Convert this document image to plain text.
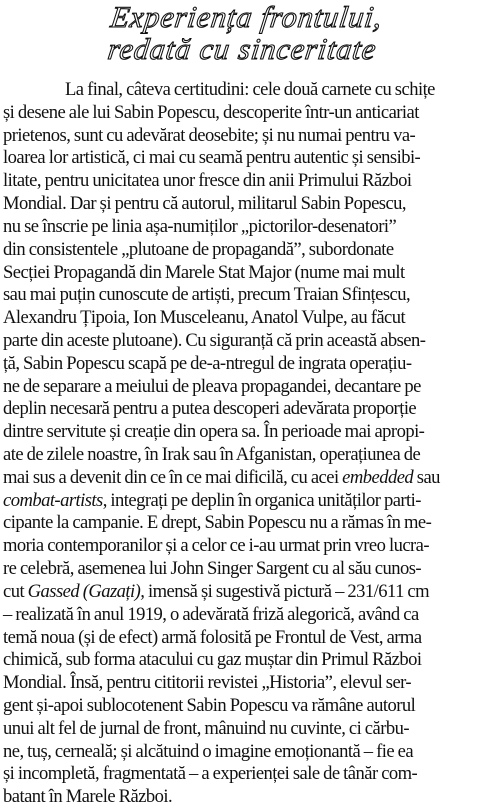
Experiența frontului,
redată cu sinceritate
La final, câteva certitudini: cele două carnete cu schițe
și desene ale lui Sabin Popescu, descoperite într-un anticariat
prietenos, sunt cu adevărat deosebite; și nu numai pentru va-
loarea lor artistică, ci mai cu seamă pentru autentic și sensibi-
litate, pentru unicitatea unor fresce din anii Primului Război
Mondial. Dar și pentru că autorul, militarul Sabin Popescu,
nu se înscrie pe linia așa-numiților „pictorilor-desenatori”
din consistentele „plutoane de propagandă”, subordonate
Secției Propagandă din Marele Stat Major (nume mai mult
sau mai puțin cunoscute de artiști, precum Traian Sfințescu,
Alexandru Țipoia, Ion Musceleanu, Anatol Vulpe, au făcut
parte din aceste plutoane). Cu siguranță că prin această absen-
ță, Sabin Popescu scapă pe de-a-ntregul de ingrata operațiu-
ne de separare a meiului de pleava propagandei, decantare pe
deplin necesară pentru a putea descoperi adevărata proporție
dintre servitute și creație din opera sa. În perioade mai apropi-
ate de zilele noastre, în Irak sau în Afganistan, operațiunea de
mai sus a devenit din ce în ce mai dificilă, cu acei embedded sau
combat-artists, integrați pe deplin în organica unităților parti-
cipante la campanie. E drept, Sabin Popescu nu a rămas în me-
moria contemporanilor și a celor ce i-au urmat prin vreo lucra-
re celebră, asemenea lui John Singer Sargent cu al său cunos-
cut Gassed (Gazați), imensă și sugestivă pictură – 231/611 cm
– realizată în anul 1919, o adevărată friză alegorică, având ca
temă noua (și de efect) armă folosită pe Frontul de Vest, arma
chimică, sub forma atacului cu gaz muștar din Primul Război
Mondial. Însă, pentru cititorii revistei „Historia”, elevul ser-
gent și-apoi sublocotenent Sabin Popescu va rămâne autorul
unui alt fel de jurnal de front, mânuind nu cuvinte, ci cărbu-
ne, tuș, cerneală; și alcătuind o imagine emoționantă – fie ea
și incompletă, fragmentată – a experienței sale de tânăr com-
batant în Marele Război.
